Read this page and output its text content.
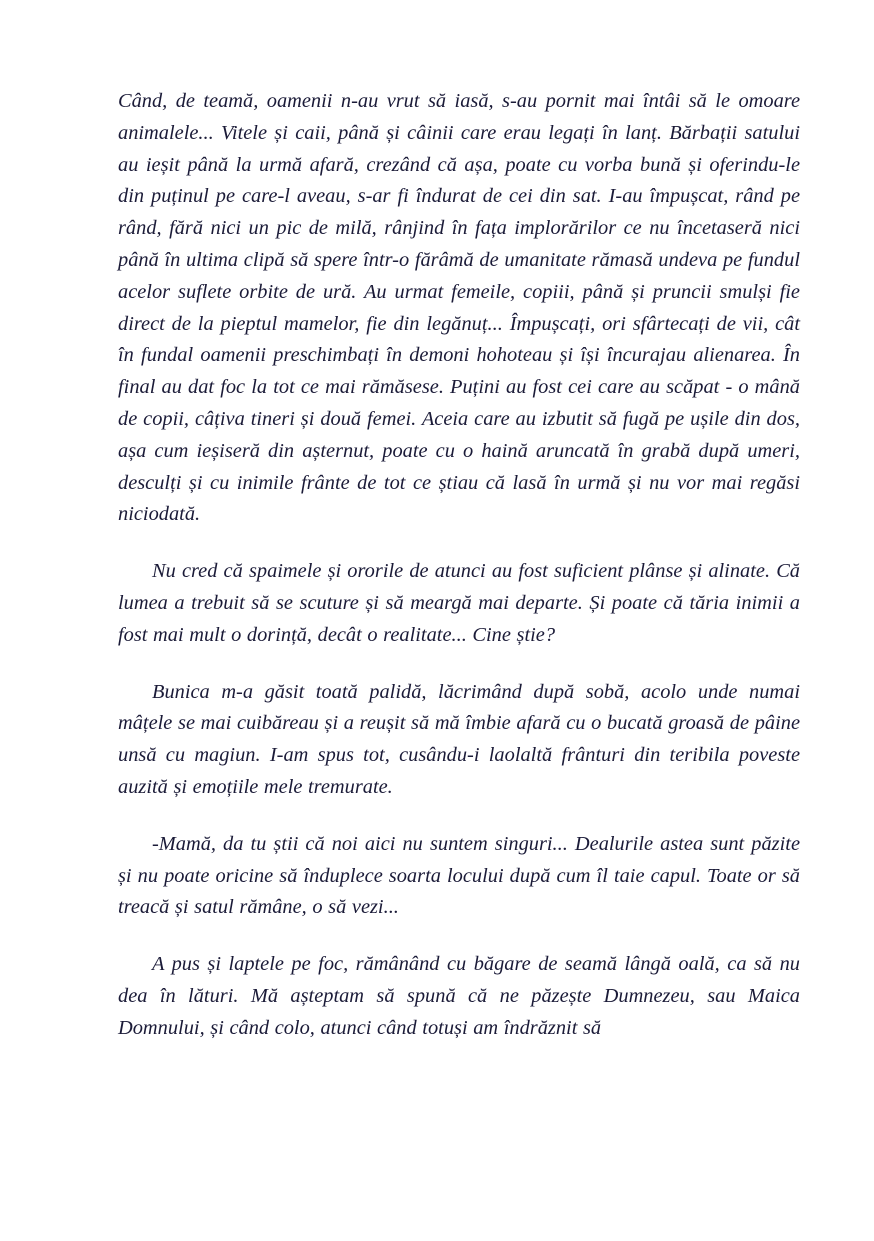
Când, de teamă, oamenii n-au vrut să iasă, s-au pornit mai întâi să le omoare animalele... Vitele și caii, până și câinii care erau legați în lanț. Bărbații satului au ieșit până la urmă afară, crezând că așa, poate cu vorba bună și oferindu-le din puținul pe care-l aveau, s-ar fi îndurat de cei din sat. I-au împușcat, rând pe rând, fără nici un pic de milă, rânjind în fața implorărilor ce nu încetaseră nici până în ultima clipă să spere într-o fărâmă de umanitate rămasă undeva pe fundul acelor suflete orbite de ură. Au urmat femeile, copiii, până și pruncii smulși fie direct de la pieptul mamelor, fie din legănuț... Împușcați, ori sfârtecați de vii, cât în fundal oamenii preschimbați în demoni hohoteau și își încurajau alienarea. În final au dat foc la tot ce mai rămăsese. Puțini au fost cei care au scăpat - o mână de copii, câțiva tineri și două femei. Aceia care au izbutit să fugă pe ușile din dos, așa cum ieșiseră din așternut, poate cu o haină aruncată în grabă după umeri, desculți și cu inimile frânte de tot ce știau că lasă în urmă și nu vor mai regăsi niciodată.

Nu cred că spaimele și ororile de atunci au fost suficient plânse și alinate. Că lumea a trebuit să se scuture și să meargă mai departe. Și poate că tăria inimii a fost mai mult o dorință, decât o realitate... Cine știe?

Bunica m-a găsit toată palidă, lăcrimând după sobă, acolo unde numai mâțele se mai cuibăreau și a reușit să mă îmbie afară cu o bucată groasă de pâine unsă cu magiun. I-am spus tot, cusându-i laolaltă frânturi din teribila poveste auzită și emoțiile mele tremurate.

-Mamă, da tu știi că noi aici nu suntem singuri... Dealurile astea sunt păzite și nu poate oricine să înduplece soarta locului după cum îl taie capul. Toate or să treacă și satul rămâne, o să vezi...

A pus și laptele pe foc, rămânând cu băgare de seamă lângă oală, ca să nu dea în lături. Mă așteptam să spună că ne păzește Dumnezeu, sau Maica Domnului, și când colo, atunci când totuși am îndrăznit să
